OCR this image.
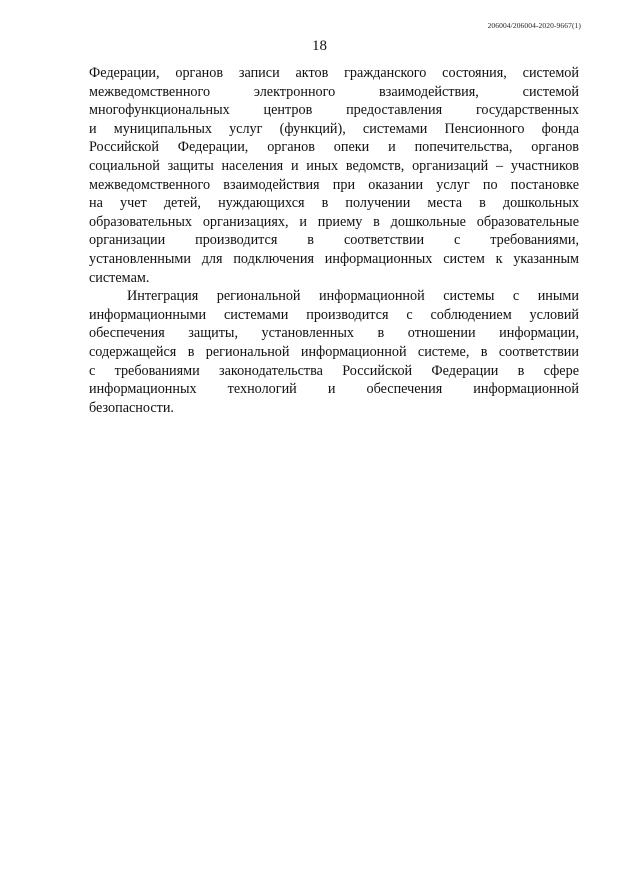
206004/206004-2020-9667(1)
18

Федерации, органов записи актов гражданского состояния, системой
межведомственного электронного взаимодействия, системой
многофункциональных центров предоставления государственных
и муниципальных услуг (функций), системами Пенсионного фонда
Российской Федерации, органов опеки и попечительства, органов
социальной защиты населения и иных ведомств, организаций – участников
межведомственного взаимодействия при оказании услуг по постановке
на учет детей, нуждающихся в получении места в дошкольных
образовательных организациях, и приему в дошкольные образовательные
организации производится в соответствии с требованиями,
установленными для подключения информационных систем к указанным
системам.

Интеграция региональной информационной системы с иными
информационными системами производится с соблюдением условий
обеспечения защиты, установленных в отношении информации,
содержащейся в региональной информационной системе, в соответствии
с требованиями законодательства Российской Федерации в сфере
информационных технологий и обеспечения информационной
безопасности.
